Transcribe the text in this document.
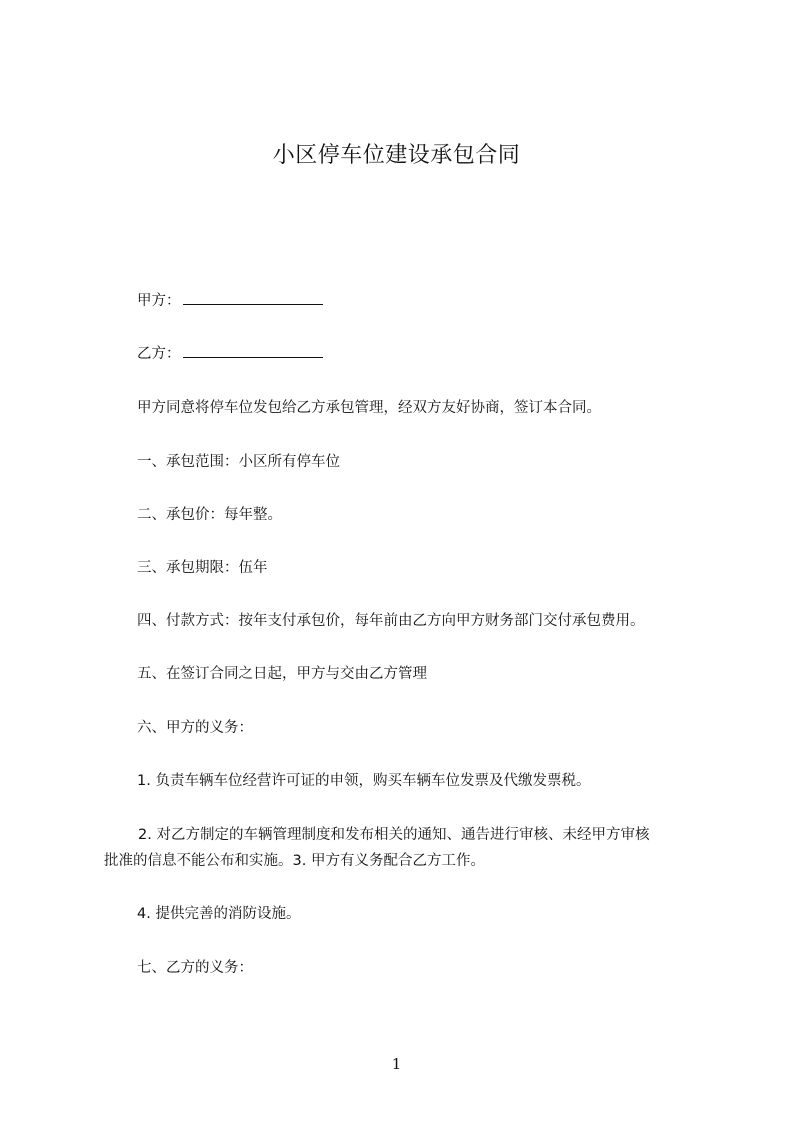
小区停车位建设承包合同
甲方：
乙方：
甲方同意将停车位发包给乙方承包管理，经双方友好协商，签订本合同。
一、承包范围：小区所有停车位
二、承包价：每年整。
三、承包期限：伍年
四、付款方式：按年支付承包价，每年前由乙方向甲方财务部门交付承包费用。
五、在签订合同之日起，甲方与交由乙方管理
六、甲方的义务：
1. 负责车辆车位经营许可证的申领，购买车辆车位发票及代缴发票税。
2. 对乙方制定的车辆管理制度和发布相关的通知、通告进行审核、未经甲方审核
批准的信息不能公布和实施。3. 甲方有义务配合乙方工作。
4. 提供完善的消防设施。
七、乙方的义务：
1
